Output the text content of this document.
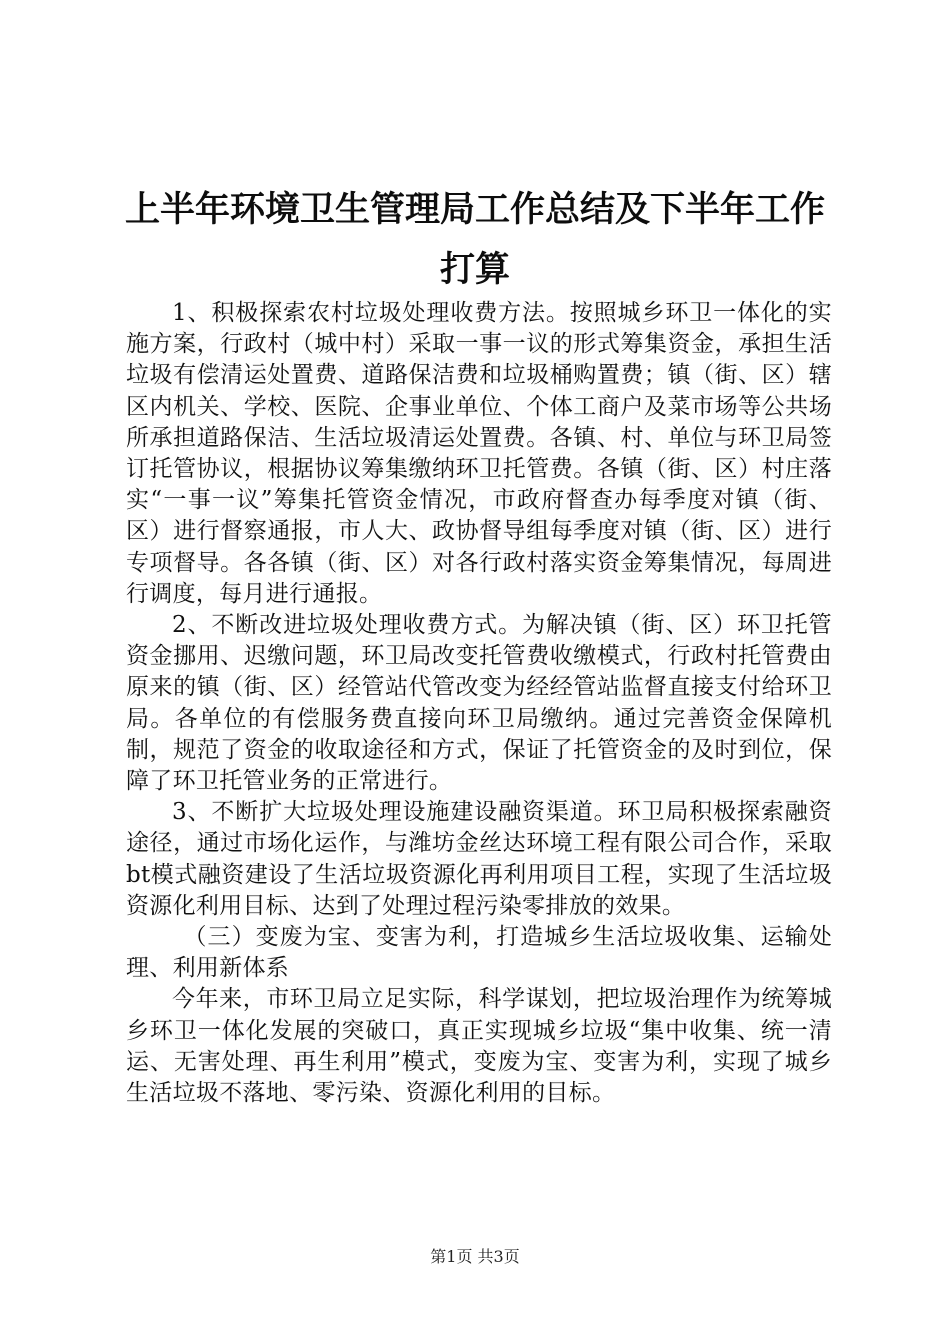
上半年环境卫生管理局工作总结及下半年工作
打算

1、积极探索农村垃圾处理收费方法。按照城乡环卫一体化的实施方案，行政村（城中村）采取一事一议的形式筹集资金，承担生活垃圾有偿清运处置费、道路保洁费和垃圾桶购置费；镇（街、区）辖区内机关、学校、医院、企事业单位、个体工商户及菜市场等公共场所承担道路保洁、生活垃圾清运处置费。各镇、村、单位与环卫局签订托管协议，根据协议筹集缴纳环卫托管费。各镇（街、区）村庄落实“一事一议”筹集托管资金情况，市政府督查办每季度对镇（街、区）进行督察通报，市人大、政协督导组每季度对镇（街、区）进行专项督导。各各镇（街、区）对各行政村落实资金筹集情况，每周进行调度，每月进行通报。

2、不断改进垃圾处理收费方式。为解决镇（街、区）环卫托管资金挪用、迟缴问题，环卫局改变托管费收缴模式，行政村托管费由原来的镇（街、区）经管站代管改变为经经管站监督直接支付给环卫局。各单位的有偿服务费直接向环卫局缴纳。通过完善资金保障机制，规范了资金的收取途径和方式，保证了托管资金的及时到位，保障了环卫托管业务的正常进行。

3、不断扩大垃圾处理设施建设融资渠道。环卫局积极探索融资途径，通过市场化运作，与潍坊金丝达环境工程有限公司合作，采取bt模式融资建设了生活垃圾资源化再利用项目工程，实现了生活垃圾资源化利用目标、达到了处理过程污染零排放的效果。

（三）变废为宝、变害为利，打造城乡生活垃圾收集、运输处理、利用新体系

今年来，市环卫局立足实际，科学谋划，把垃圾治理作为统筹城乡环卫一体化发展的突破口，真正实现城乡垃圾“集中收集、统一清运、无害处理、再生利用”模式，变废为宝、变害为利，实现了城乡生活垃圾不落地、零污染、资源化利用的目标。

第1页 共3页
